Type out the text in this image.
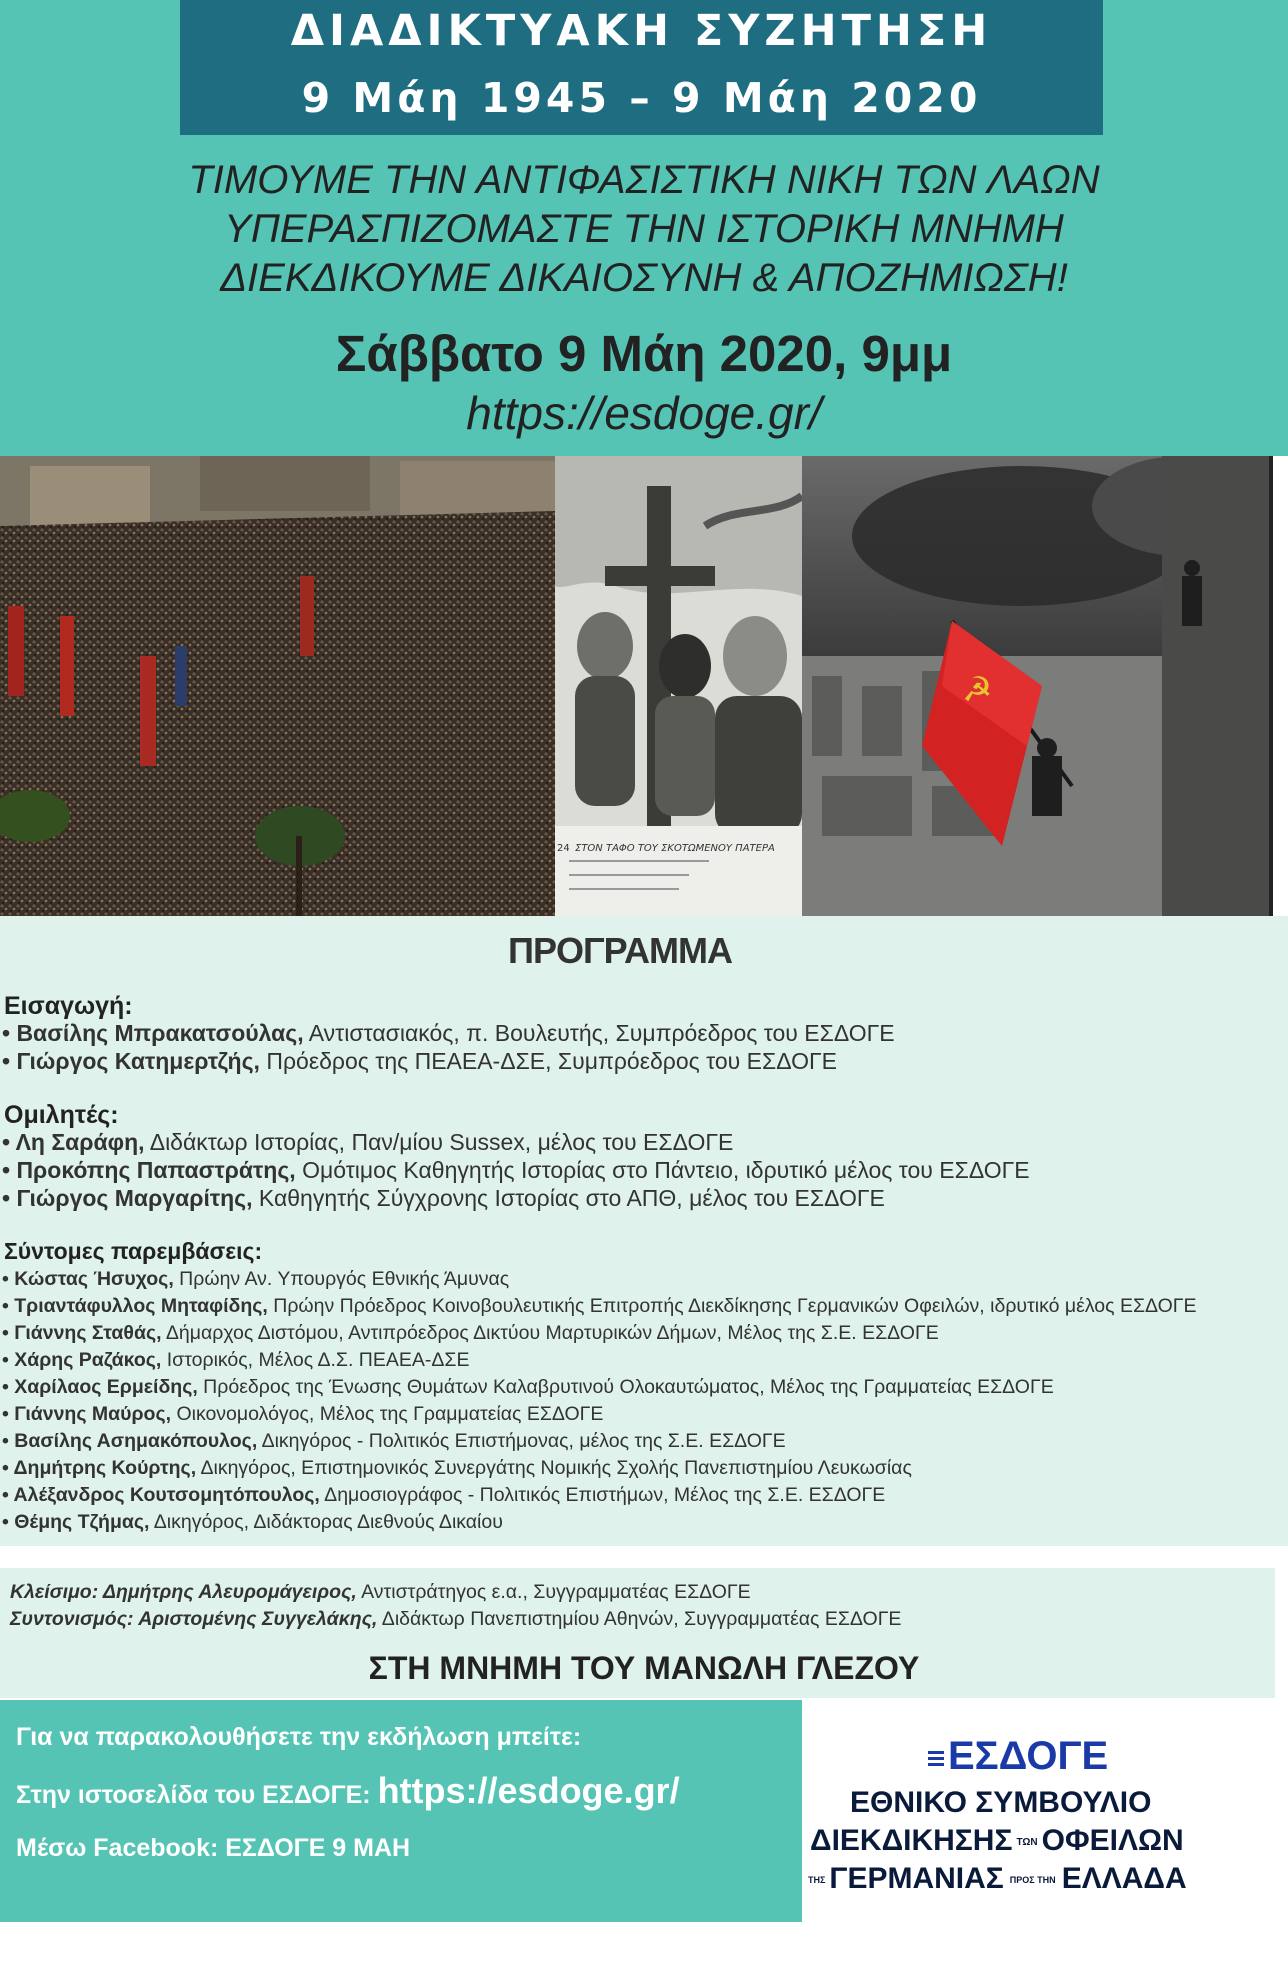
ΔΙΑΔΙΚΤΥΑΚΗ ΣΥΖΗΤΗΣΗ
9 Μάη 1945 – 9 Μάη 2020
ΤΙΜΟΥΜΕ ΤΗΝ ΑΝΤΙΦΑΣΙΣΤΙΚΗ ΝΙΚΗ ΤΩΝ ΛΑΩΝ
ΥΠΕΡΑΣΠΙΖΟΜΑΣΤΕ ΤΗΝ ΙΣΤΟΡΙΚΗ ΜΝΗΜΗ
ΔΙΕΚΔΙΚΟΥΜΕ ΔΙΚΑΙΟΣΥΝΗ & ΑΠΟΖΗΜΙΩΣΗ!
Σάββατο 9 Μάη 2020, 9μμ
https://esdoge.gr/
ΣΤΟΝ ΤΑΦΟ ΤΟΥ ΣΚΟΤΩΜΕΝΟΥ ΠΑΤΕΡΑ
24
☭
ΠΡΟΓΡΑΜΜΑ
Εισαγωγή:
• Βασίλης Μπρακατσούλας, Αντιστασιακός, π. Βουλευτής, Συμπρόεδρος του ΕΣΔΟΓΕ
• Γιώργος Κατημερτζής, Πρόεδρος της ΠΕΑΕΑ-ΔΣΕ, Συμπρόεδρος του ΕΣΔΟΓΕ
Ομιλητές:
• Λη Σαράφη, Διδάκτωρ Ιστορίας, Παν/μίου Sussex, μέλος του ΕΣΔΟΓΕ
• Προκόπης Παπαστράτης, Ομότιμος Καθηγητής Ιστορίας στο Πάντειο, ιδρυτικό μέλος του ΕΣΔΟΓΕ
• Γιώργος Μαργαρίτης, Καθηγητής Σύγχρονης Ιστορίας στο ΑΠΘ, μέλος του ΕΣΔΟΓΕ
Σύντομες παρεμβάσεις:
• Κώστας Ήσυχος, Πρώην Αν. Υπουργός Εθνικής Άμυνας
• Τριαντάφυλλος Μηταφίδης, Πρώην Πρόεδρος Κοινοβουλευτικής Επιτροπής Διεκδίκησης Γερμανικών Οφειλών, ιδρυτικό μέλος ΕΣΔΟΓΕ
• Γιάννης Σταθάς, Δήμαρχος Διστόμου, Αντιπρόεδρος Δικτύου Μαρτυρικών Δήμων, Μέλος της Σ.Ε. ΕΣΔΟΓΕ
• Χάρης Ραζάκος, Ιστορικός, Μέλος Δ.Σ. ΠΕΑΕΑ-ΔΣΕ
• Χαρίλαος Ερμείδης, Πρόεδρος της Ένωσης Θυμάτων Καλαβρυτινού Ολοκαυτώματος, Μέλος της Γραμματείας ΕΣΔΟΓΕ
• Γιάννης Μαύρος, Οικονομολόγος, Μέλος της Γραμματείας ΕΣΔΟΓΕ
• Βασίλης Ασημακόπουλος, Δικηγόρος - Πολιτικός Επιστήμονας, μέλος της Σ.Ε. ΕΣΔΟΓΕ
• Δημήτρης Κούρτης, Δικηγόρος, Επιστημονικός Συνεργάτης Νομικής Σχολής Πανεπιστημίου Λευκωσίας
• Αλέξανδρος Κουτσομητόπουλος, Δημοσιογράφος - Πολιτικός Επιστήμων, Μέλος της Σ.Ε. ΕΣΔΟΓΕ
• Θέμης Τζήμας, Δικηγόρος, Διδάκτορας Διεθνούς Δικαίου
Κλείσιμο: Δημήτρης Αλευρομάγειρος, Αντιστράτηγος ε.α., Συγγραμματέας ΕΣΔΟΓΕ
Συντονισμός: Αριστομένης Συγγελάκης, Διδάκτωρ Πανεπιστημίου Αθηνών, Συγγραμματέας ΕΣΔΟΓΕ
ΣΤΗ ΜΝΗΜΗ ΤΟΥ ΜΑΝΩΛΗ ΓΛΕΖΟΥ
Για να παρακολουθήσετε την εκδήλωση μπείτε:
Στην ιστοσελίδα του ΕΣΔΟΓΕ: https://esdoge.gr/
Μέσω Facebook: ΕΣΔΟΓΕ 9 ΜΑΗ
ΕΣΔΟΓΕ
ΕΘΝΙΚΟ ΣΥΜΒΟΥΛΙΟ
ΔΙΕΚΔΙΚΗΣΗΣ ΤΩΝ ΟΦΕΙΛΩΝ
ΤΗΣ ΓΕΡΜΑΝΙΑΣ ΠΡΟΣ ΤΗΝ ΕΛΛΑΔΑ
